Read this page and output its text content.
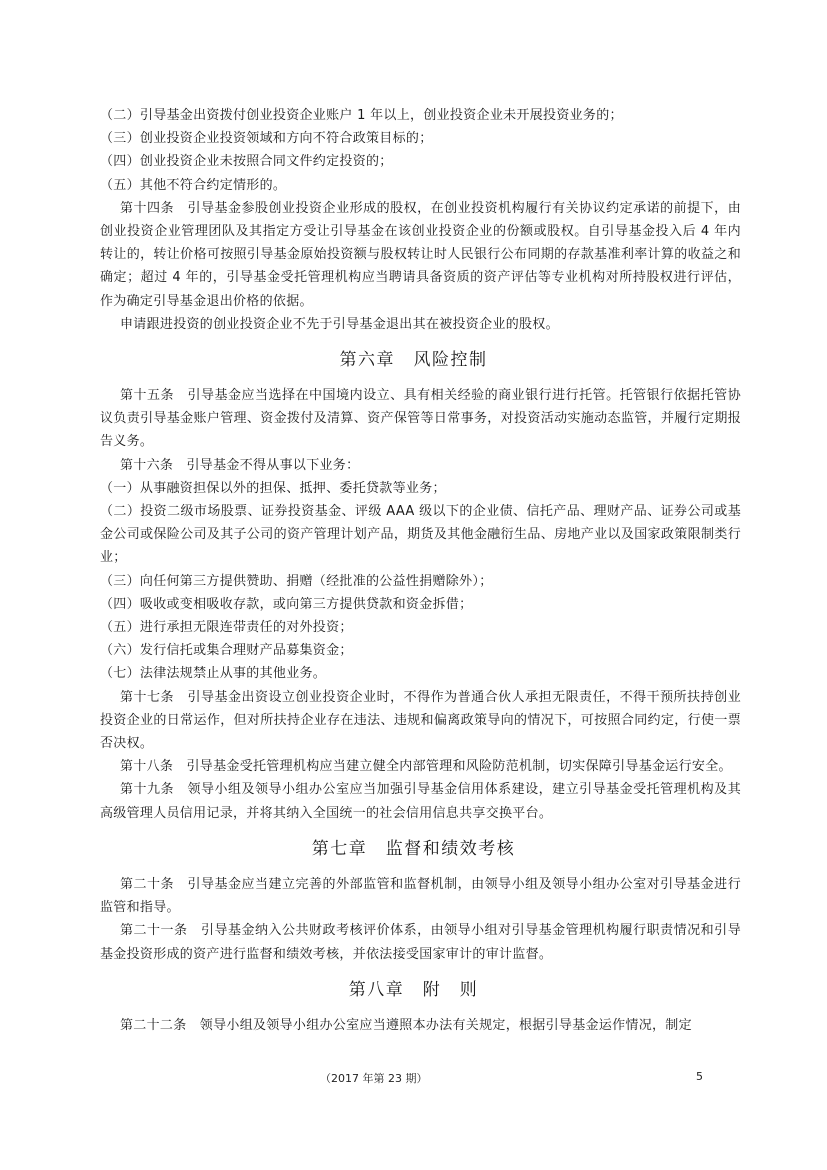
（二）引导基金出资拨付创业投资企业账户 1 年以上，创业投资企业未开展投资业务的；

（三）创业投资企业投资领域和方向不符合政策目标的；

（四）创业投资企业未按照合同文件约定投资的；

（五）其他不符合约定情形的。

第十四条　引导基金参股创业投资企业形成的股权，在创业投资机构履行有关协议约定承诺的前提下，由创业投资企业管理团队及其指定方受让引导基金在该创业投资企业的份额或股权。自引导基金投入后 4 年内转让的，转让价格可按照引导基金原始投资额与股权转让时人民银行公布同期的存款基准利率计算的收益之和确定；超过 4 年的，引导基金受托管理机构应当聘请具备资质的资产评估等专业机构对所持股权进行评估，作为确定引导基金退出价格的依据。

申请跟进投资的创业投资企业不先于引导基金退出其在被投资企业的股权。

第六章　风险控制

第十五条　引导基金应当选择在中国境内设立、具有相关经验的商业银行进行托管。托管银行依据托管协议负责引导基金账户管理、资金拨付及清算、资产保管等日常事务，对投资活动实施动态监管，并履行定期报告义务。

第十六条　引导基金不得从事以下业务：

（一）从事融资担保以外的担保、抵押、委托贷款等业务；

（二）投资二级市场股票、证券投资基金、评级 AAA 级以下的企业债、信托产品、理财产品、证券公司或基金公司或保险公司及其子公司的资产管理计划产品，期货及其他金融衍生品、房地产业以及国家政策限制类行业；

（三）向任何第三方提供赞助、捐赠（经批准的公益性捐赠除外）；

（四）吸收或变相吸收存款，或向第三方提供贷款和资金拆借；

（五）进行承担无限连带责任的对外投资；

（六）发行信托或集合理财产品募集资金；

（七）法律法规禁止从事的其他业务。

第十七条　引导基金出资设立创业投资企业时，不得作为普通合伙人承担无限责任，不得干预所扶持创业投资企业的日常运作，但对所扶持企业存在违法、违规和偏离政策导向的情况下，可按照合同约定，行使一票否决权。

第十八条　引导基金受托管理机构应当建立健全内部管理和风险防范机制，切实保障引导基金运行安全。

第十九条　领导小组及领导小组办公室应当加强引导基金信用体系建设，建立引导基金受托管理机构及其高级管理人员信用记录，并将其纳入全国统一的社会信用信息共享交换平台。

第七章　监督和绩效考核

第二十条　引导基金应当建立完善的外部监管和监督机制，由领导小组及领导小组办公室对引导基金进行监管和指导。

第二十一条　引导基金纳入公共财政考核评价体系，由领导小组对引导基金管理机构履行职责情况和引导基金投资形成的资产进行监督和绩效考核，并依法接受国家审计的审计监督。

第八章　附　则

第二十二条　领导小组及领导小组办公室应当遵照本办法有关规定，根据引导基金运作情况，制定

（2017 年第 23 期）	5
